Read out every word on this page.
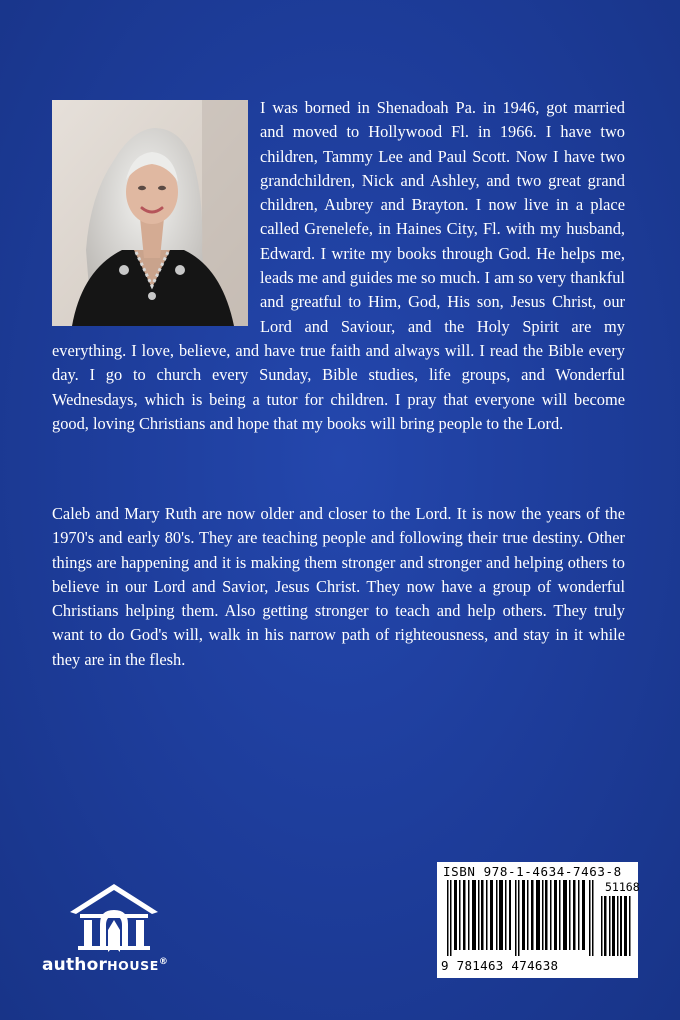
I was borned in Shenadoah Pa. in 1946, got married and moved to Hollywood Fl. in 1966. I have two children, Tammy Lee and Paul Scott. Now I have two grandchildren, Nick and Ashley, and two great grand children, Aubrey and Brayton. I now live in a place called Grenelefe, in Haines City, Fl. with my husband, Edward. I write my books through God. He helps me, leads me and guides me so much. I am so very thankful and greatful to Him, God, His son, Jesus Christ, our Lord and Saviour, and the Holy Spirit are my everything. I love, believe, and have true faith and always will. I read the Bible every day. I go to church every Sunday, Bible studies, life groups, and Wonderful Wednesdays, which is being a tutor for children. I pray that everyone will become good, loving Christians and hope that my books will bring people to the Lord.

Caleb and Mary Ruth are now older and closer to the Lord. It is now the years of the 1970's and early 80's. They are teaching people and following their true destiny. Other things are happening and it is making them stronger and stronger and helping others to believe in our Lord and Savior, Jesus Christ. They now have a group of wonderful Christians helping them. Also getting stronger to teach and help others. They truly want to do God's will, walk in his narrow path of righteousness, and stay in it while they are in the flesh.

authorHOUSE®
ISBN 978-1-4634-7463-8
51168
9 781463 474638
